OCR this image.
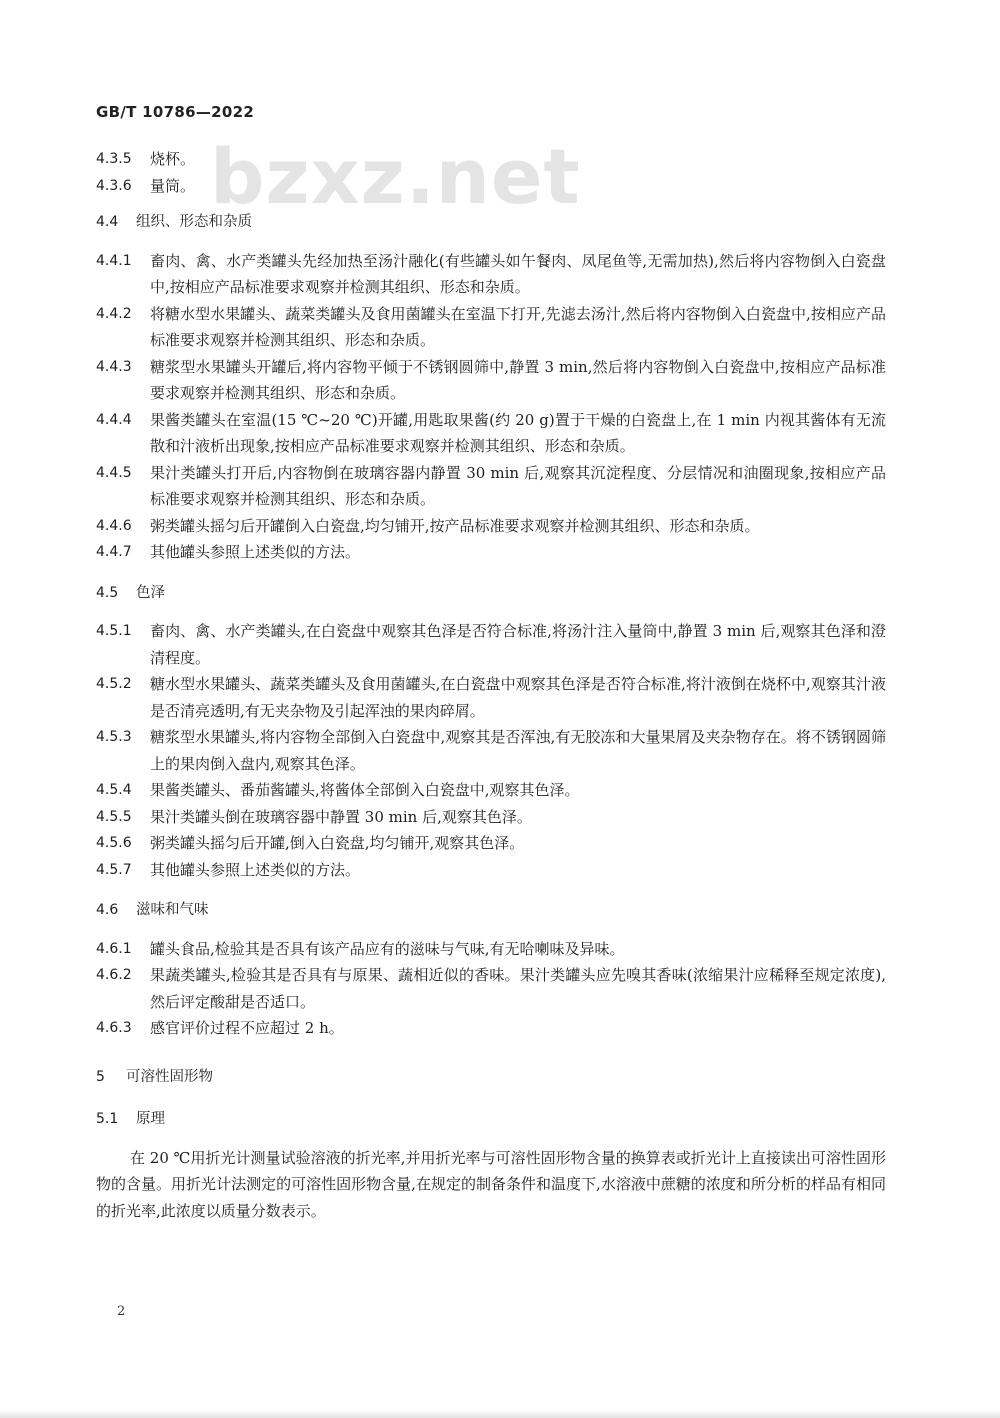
GB/T 10786—2022
bzxz.net
4.3.5	烧杯。
4.3.6	量筒。
4.4	组织、形态和杂质
4.4.1	畜肉、禽、水产类罐头先经加热至汤汁融化(有些罐头如午餐肉、凤尾鱼等,无需加热),然后将内容物倒入白瓷盘中,按相应产品标准要求观察并检测其组织、形态和杂质。
4.4.2	将糖水型水果罐头、蔬菜类罐头及食用菌罐头在室温下打开,先滤去汤汁,然后将内容物倒入白瓷盘中,按相应产品标准要求观察并检测其组织、形态和杂质。
4.4.3	糖浆型水果罐头开罐后,将内容物平倾于不锈钢圆筛中,静置 3 min,然后将内容物倒入白瓷盘中,按相应产品标准要求观察并检测其组织、形态和杂质。
4.4.4	果酱类罐头在室温(15 ℃~20 ℃)开罐,用匙取果酱(约 20 g)置于干燥的白瓷盘上,在 1 min 内视其酱体有无流散和汁液析出现象,按相应产品标准要求观察并检测其组织、形态和杂质。
4.4.5	果汁类罐头打开后,内容物倒在玻璃容器内静置 30 min 后,观察其沉淀程度、分层情况和油圈现象,按相应产品标准要求观察并检测其组织、形态和杂质。
4.4.6	粥类罐头摇匀后开罐倒入白瓷盘,均匀铺开,按产品标准要求观察并检测其组织、形态和杂质。
4.4.7	其他罐头参照上述类似的方法。
4.5	色泽
4.5.1	畜肉、禽、水产类罐头,在白瓷盘中观察其色泽是否符合标准,将汤汁注入量筒中,静置 3 min 后,观察其色泽和澄清程度。
4.5.2	糖水型水果罐头、蔬菜类罐头及食用菌罐头,在白瓷盘中观察其色泽是否符合标准,将汁液倒在烧杯中,观察其汁液是否清亮透明,有无夹杂物及引起浑浊的果肉碎屑。
4.5.3	糖浆型水果罐头,将内容物全部倒入白瓷盘中,观察其是否浑浊,有无胶冻和大量果屑及夹杂物存在。将不锈钢圆筛上的果肉倒入盘内,观察其色泽。
4.5.4	果酱类罐头、番茄酱罐头,将酱体全部倒入白瓷盘中,观察其色泽。
4.5.5	果汁类罐头倒在玻璃容器中静置 30 min 后,观察其色泽。
4.5.6	粥类罐头摇匀后开罐,倒入白瓷盘,均匀铺开,观察其色泽。
4.5.7	其他罐头参照上述类似的方法。
4.6	滋味和气味
4.6.1	罐头食品,检验其是否具有该产品应有的滋味与气味,有无哈喇味及异味。
4.6.2	果蔬类罐头,检验其是否具有与原果、蔬相近似的香味。果汁类罐头应先嗅其香味(浓缩果汁应稀释至规定浓度),然后评定酸甜是否适口。
4.6.3	感官评价过程不应超过 2 h。
5	可溶性固形物
5.1	原理
在 20 ℃用折光计测量试验溶液的折光率,并用折光率与可溶性固形物含量的换算表或折光计上直接读出可溶性固形物的含量。用折光计法测定的可溶性固形物含量,在规定的制备条件和温度下,水溶液中蔗糖的浓度和所分析的样品有相同的折光率,此浓度以质量分数表示。
2
